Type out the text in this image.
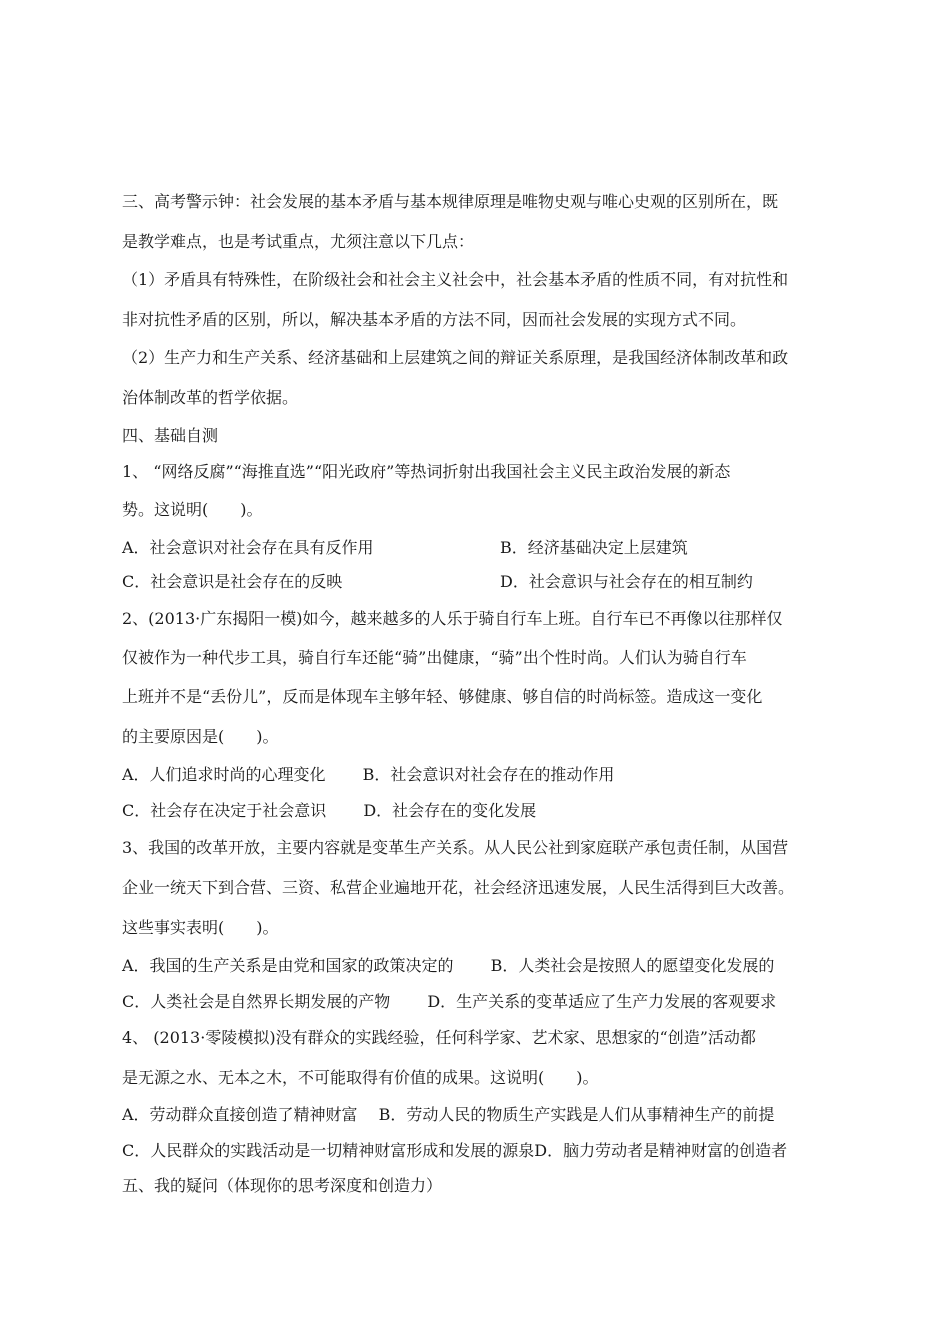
三、高考警示钟：社会发展的基本矛盾与基本规律原理是唯物史观与唯心史观的区别所在，既
是教学难点，也是考试重点，尤须注意以下几点：
（1）矛盾具有特殊性，在阶级社会和社会主义社会中，社会基本矛盾的性质不同，有对抗性和
非对抗性矛盾的区别，所以，解决基本矛盾的方法不同，因而社会发展的实现方式不同。
（2）生产力和生产关系、经济基础和上层建筑之间的辩证关系原理，是我国经济体制改革和政
治体制改革的哲学依据。
四、基础自测
1、 “网络反腐”“海推直选”“阳光政府”等热词折射出我国社会主义民主政治发展的新态
势。这说明(　　)。
A．社会意识对社会存在具有反作用	B．经济基础决定上层建筑
C．社会意识是社会存在的反映	D．社会意识与社会存在的相互制约
2、(2013·广东揭阳一模)如今，越来越多的人乐于骑自行车上班。自行车已不再像以往那样仅
仅被作为一种代步工具，骑自行车还能“骑”出健康，“骑”出个性时尚。人们认为骑自行车
上班并不是“丢份儿”，反而是体现车主够年轻、够健康、够自信的时尚标签。造成这一变化
的主要原因是(　　)。
A．人们追求时尚的心理变化　　 B．社会意识对社会存在的推动作用
C．社会存在决定于社会意识　　 D．社会存在的变化发展
3、我国的改革开放，主要内容就是变革生产关系。从人民公社到家庭联产承包责任制，从国营
企业一统天下到合营、三资、私营企业遍地开花，社会经济迅速发展，人民生活得到巨大改善。
这些事实表明(　　)。
A．我国的生产关系是由党和国家的政策决定的　　 B．人类社会是按照人的愿望变化发展的
C．人类社会是自然界长期发展的产物　　 D．生产关系的变革适应了生产力发展的客观要求
4、 (2013·零陵模拟)没有群众的实践经验，任何科学家、艺术家、思想家的“创造”活动都
是无源之水、无本之木，不可能取得有价值的成果。这说明(　　)。
A．劳动群众直接创造了精神财富　 B．劳动人民的物质生产实践是人们从事精神生产的前提
C．人民群众的实践活动是一切精神财富形成和发展的源泉D．脑力劳动者是精神财富的创造者
五、我的疑问（体现你的思考深度和创造力）
